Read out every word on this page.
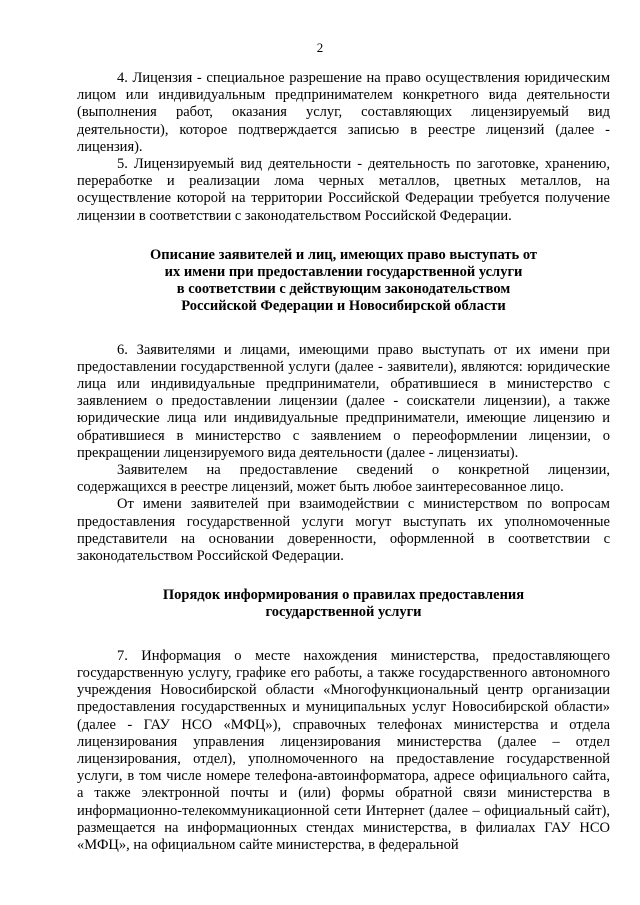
2

4. Лицензия - специальное разрешение на право осуществления юридическим лицом или индивидуальным предпринимателем конкретного вида деятельности (выполнения работ, оказания услуг, составляющих лицензируемый вид деятельности), которое подтверждается записью в реестре лицензий (далее - лицензия).

5. Лицензируемый вид деятельности - деятельность по заготовке, хранению, переработке и реализации лома черных металлов, цветных металлов, на осуществление которой на территории Российской Федерации требуется получение лицензии в соответствии с законодательством Российской Федерации.

Описание заявителей и лиц, имеющих право выступать от
их имени при предоставлении государственной услуги
в соответствии с действующим законодательством
Российской Федерации и Новосибирской области

6. Заявителями и лицами, имеющими право выступать от их имени при предоставлении государственной услуги (далее - заявители), являются: юридические лица или индивидуальные предприниматели, обратившиеся в министерство с заявлением о предоставлении лицензии (далее - соискатели лицензии), а также юридические лица или индивидуальные предприниматели, имеющие лицензию и обратившиеся в министерство с заявлением о переоформлении лицензии, о прекращении лицензируемого вида деятельности (далее - лицензиаты).

Заявителем на предоставление сведений о конкретной лицензии, содержащихся в реестре лицензий, может быть любое заинтересованное лицо.

От имени заявителей при взаимодействии с министерством по вопросам предоставления государственной услуги могут выступать их уполномоченные представители на основании доверенности, оформленной в соответствии с законодательством Российской Федерации.

Порядок информирования о правилах предоставления
государственной услуги

7. Информация о месте нахождения министерства, предоставляющего государственную услугу, графике его работы, а также государственного автономного учреждения Новосибирской области «Многофункциональный центр организации предоставления государственных и муниципальных услуг Новосибирской области» (далее - ГАУ НСО «МФЦ»), справочных телефонах министерства и отдела лицензирования управления лицензирования министерства (далее – отдел лицензирования, отдел), уполномоченного на предоставление государственной услуги, в том числе номере телефона-автоинформатора, адресе официального сайта, а также электронной почты и (или) формы обратной связи министерства в информационно-телекоммуникационной сети Интернет (далее – официальный сайт), размещается на информационных стендах министерства, в филиалах ГАУ НСО «МФЦ», на официальном сайте министерства, в федеральной
